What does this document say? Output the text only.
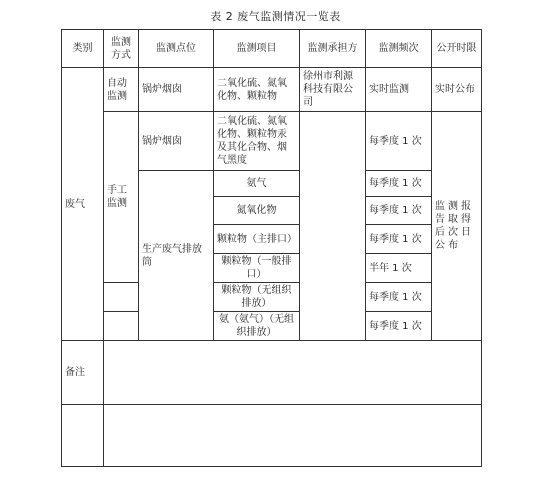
表 2 废气监测情况一览表
类别	监测方式	监测点位	监测项目	监测承担方	监测频次	公开时限
废气	自动监测	锅炉烟囱	二氧化硫、氮氧化物、颗粒物	徐州市利源科技有限公司	实时监测	实时公布
	手工监测	锅炉烟囱	二氧化硫、氮氧化物、颗粒物汞及其化合物、烟气黑度		每季度 1 次	监测报告取得后次日公布
		生产废气排放筒	氨气		每季度 1 次	
			氮氧化物		每季度 1 次	
			颗粒物（主排口）		每季度 1 次	
			颗粒物（一般排口）		半年 1 次	
			颗粒物（无组织排放）		每季度 1 次	
			氨（氨气）（无组织排放）		每季度 1 次	
备注						
